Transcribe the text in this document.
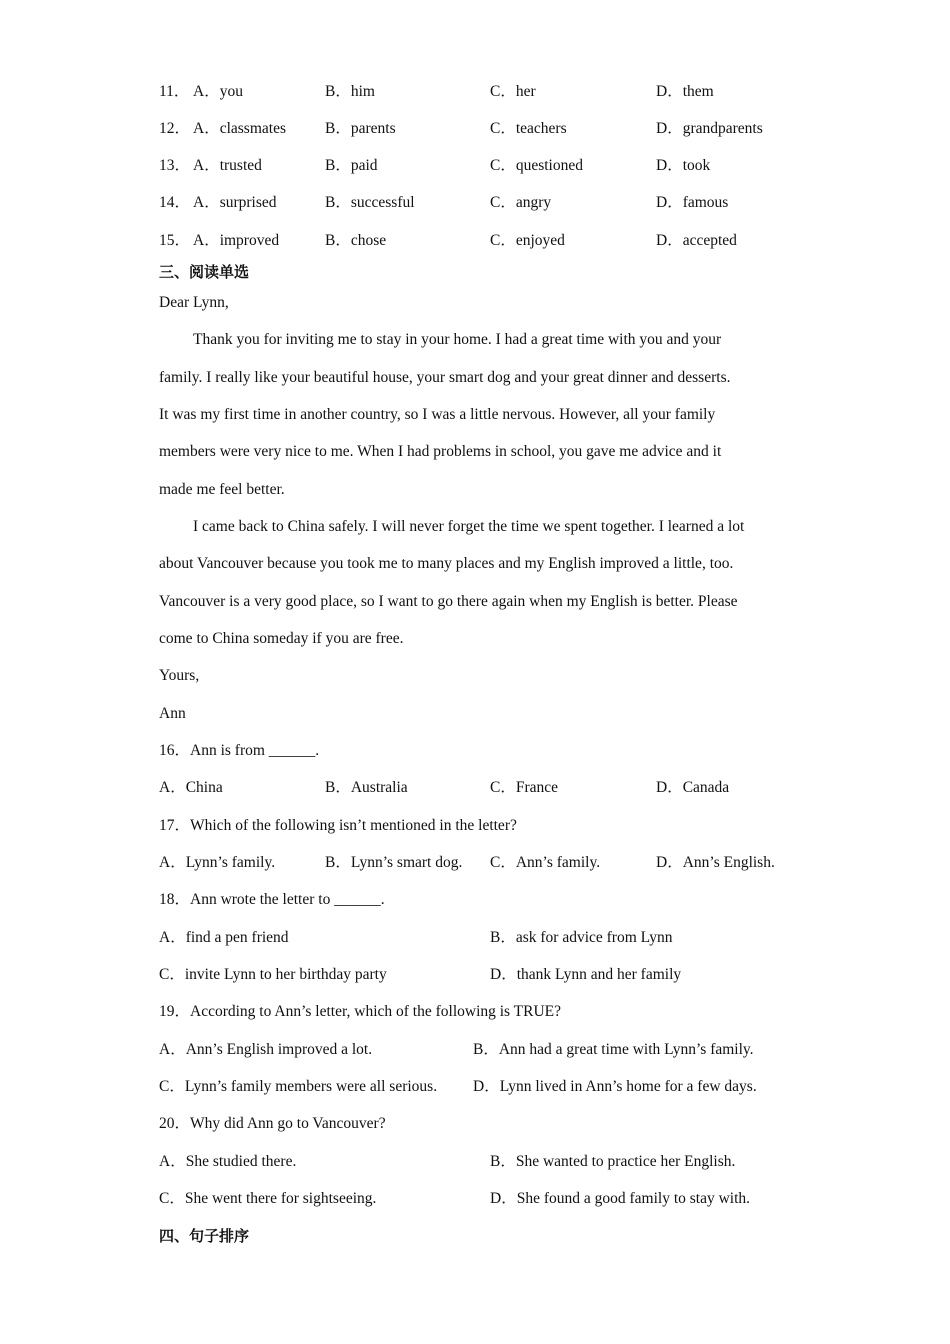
11． A．you	B．him	C．her	D．them
12． A．classmates	B．parents	C．teachers	D．grandparents
13． A．trusted	B．paid	C．questioned	D．took
14． A．surprised	B．successful	C．angry	D．famous
15． A．improved	B．chose	C．enjoyed	D．accepted
三、阅读单选
Dear Lynn,
Thank you for inviting me to stay in your home. I had a great time with you and your
family. I really like your beautiful house, your smart dog and your great dinner and desserts.
It was my first time in another country, so I was a little nervous. However, all your family
members were very nice to me. When I had problems in school, you gave me advice and it
made me feel better.
I came back to China safely. I will never forget the time we spent together. I learned a lot
about Vancouver because you took me to many places and my English improved a little, too.
Vancouver is a very good place, so I want to go there again when my English is better. Please
come to China someday if you are free.
Yours,
Ann
16．Ann is from ______.
A．China	B．Australia	C．France	D．Canada
17．Which of the following isn’t mentioned in the letter?
A．Lynn’s family.	B．Lynn’s smart dog. C．Ann’s family.	D．Ann’s English.
18．Ann wrote the letter to ______.
A．find a pen friend	B．ask for advice from Lynn
C．invite Lynn to her birthday party	D．thank Lynn and her family
19．According to Ann’s letter, which of the following is TRUE?
A．Ann’s English improved a lot.	B．Ann had a great time with Lynn’s family.
C．Lynn’s family members were all serious. D．Lynn lived in Ann’s home for a few days.
20．Why did Ann go to Vancouver?
A．She studied there.	B．She wanted to practice her English.
C．She went there for sightseeing.	D．She found a good family to stay with.
四、句子排序
